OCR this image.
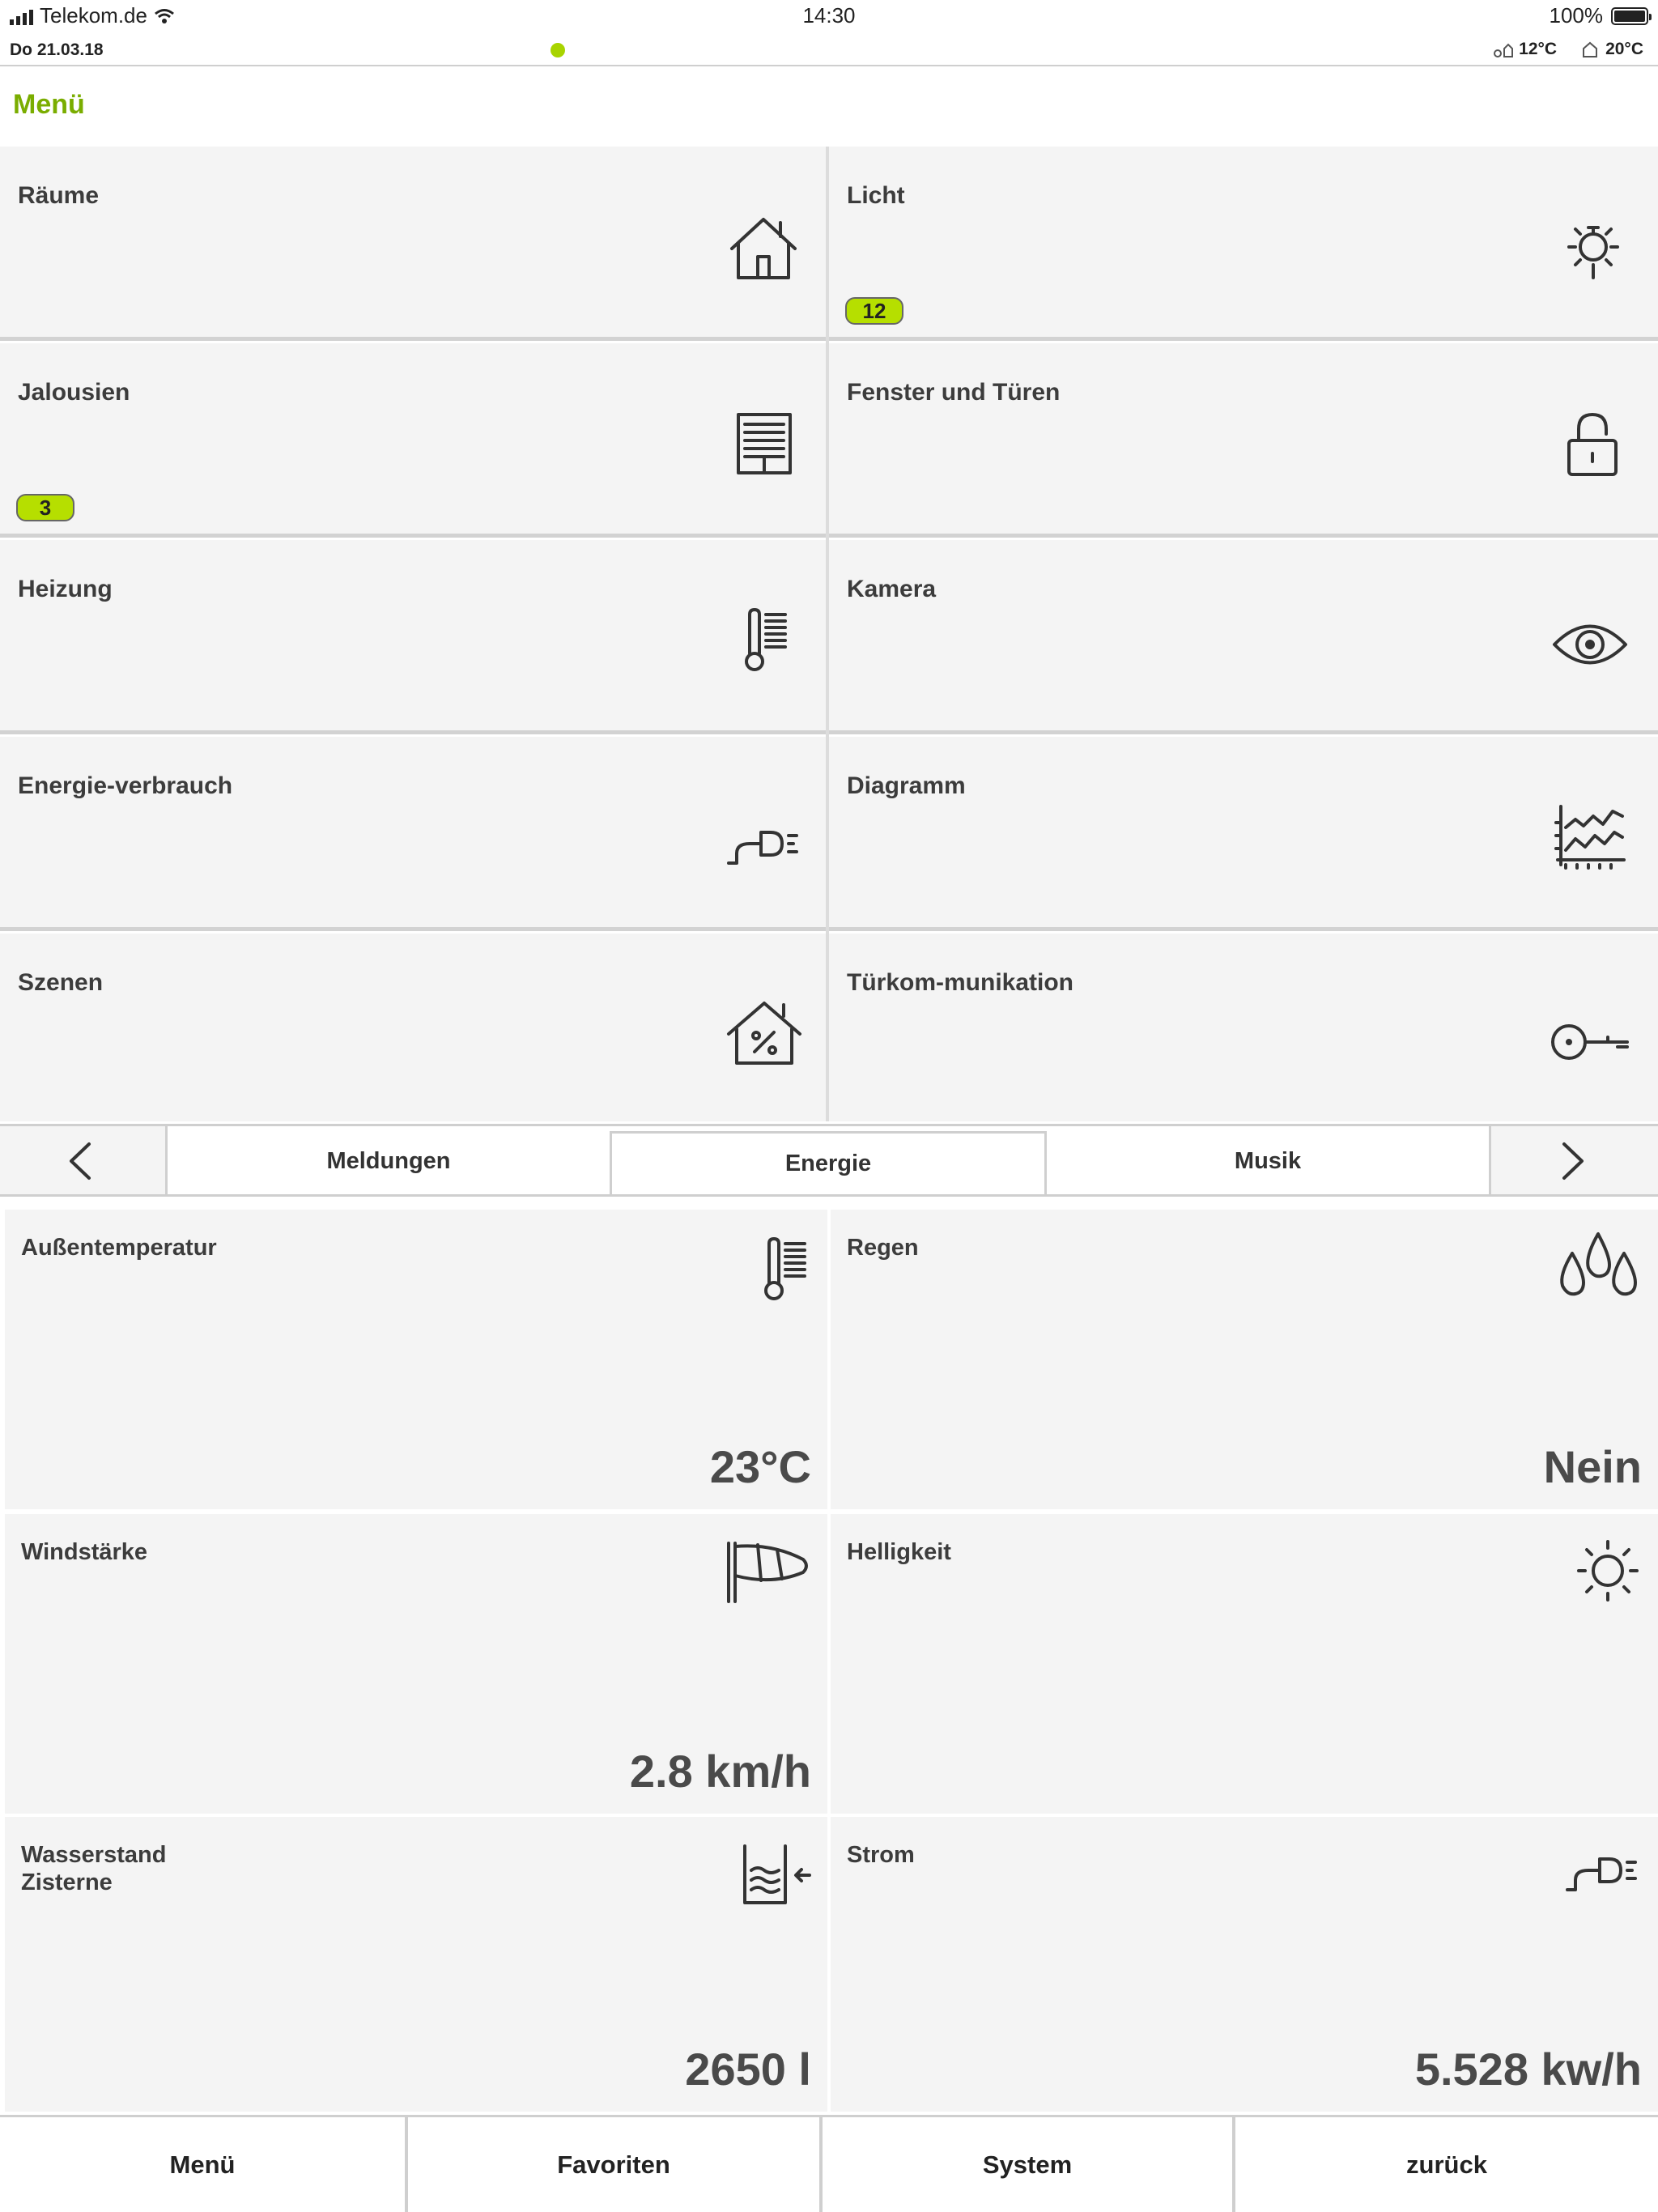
Telekom.de	14:30	100%
Do 21.03.18	12°C	20°C
Menü
Räume	Licht
12
Jalousien
3
Fenster und Türen
Heizung	Kamera
Energie-verbrauch	Diagramm
Szenen	Türkom-munikation
Meldungen	Energie	Musik
Außentemperatur
23°C
Regen
Nein
Windstärke
2.8 km/h
Helligkeit
Wasserstand
Zisterne
2650 l
Strom
5.528 kw/h
Menü	Favoriten	System	zurück
